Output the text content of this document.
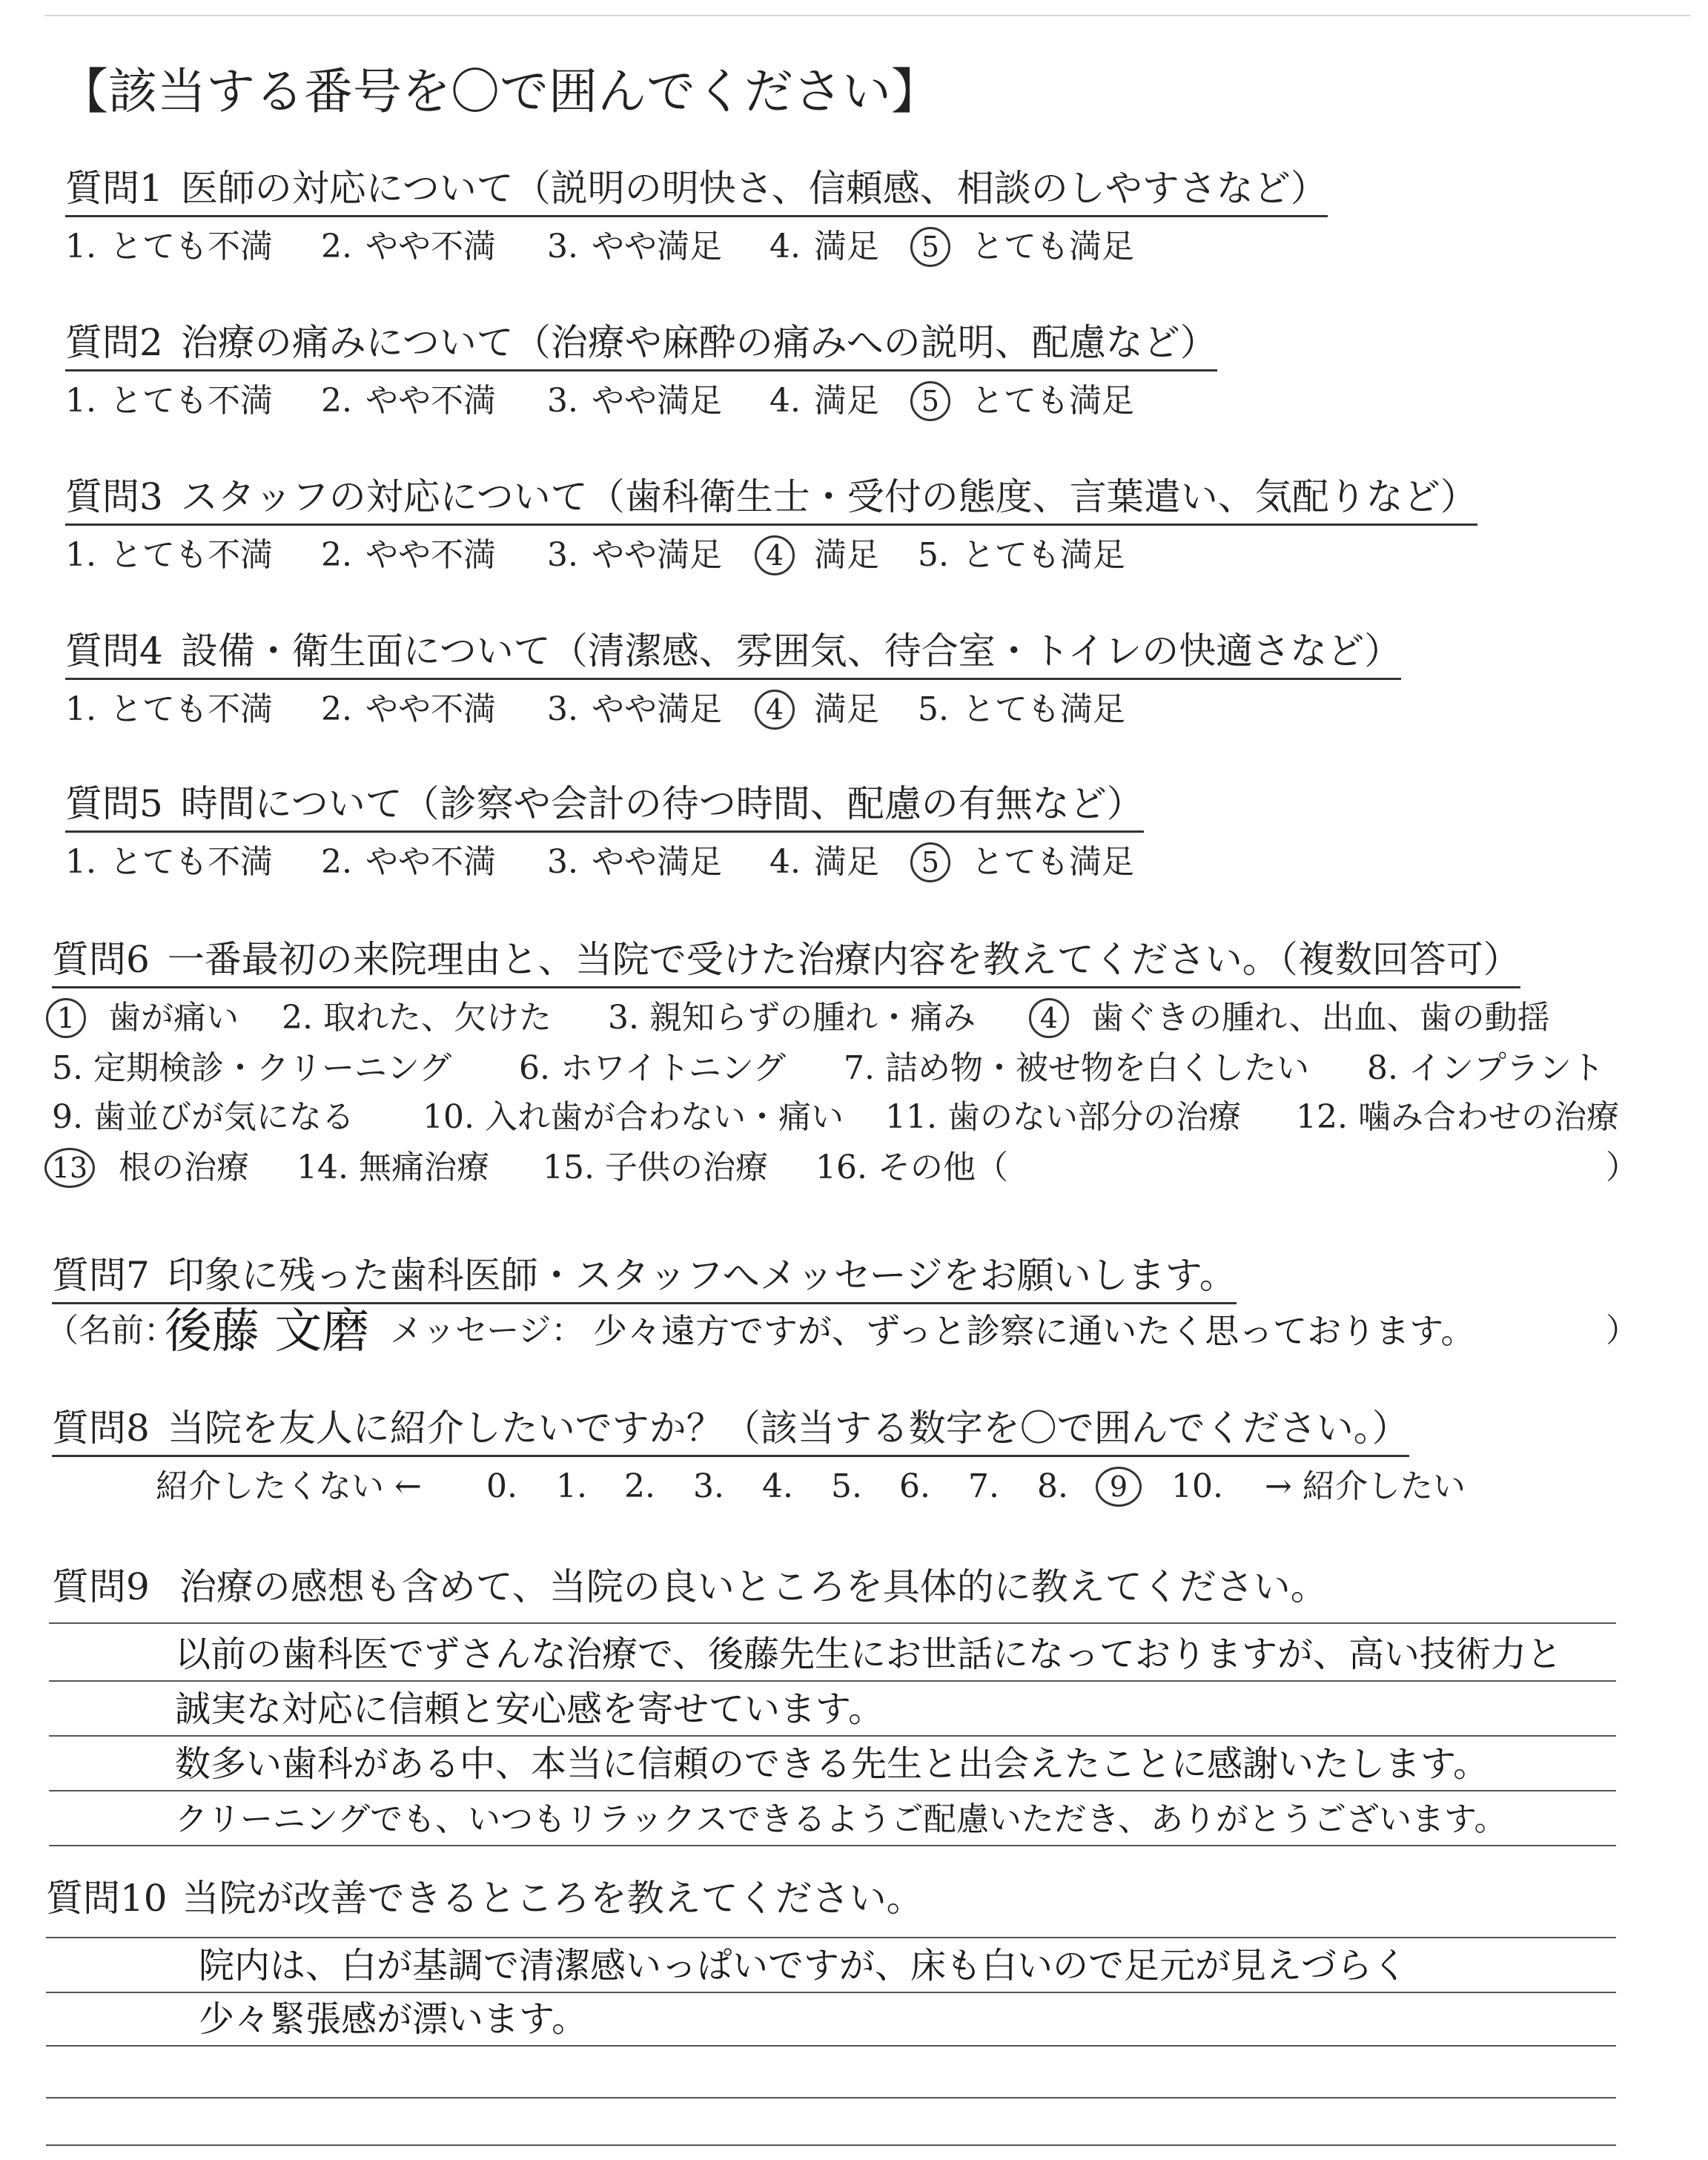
【該当する番号を〇で囲んでください】
質問1 医師の対応について（説明の明快さ、信頼感、相談のしやすさなど）
1. とても不満 2. やや不満 3. やや満足 4. 満足	5 とても満足
質問2 治療の痛みについて（治療や麻酔の痛みへの説明、配慮など）
1. とても不満 2. やや不満 3. やや満足 4. 満足	5 とても満足
質問3 スタッフの対応について（歯科衛生士・受付の態度、言葉遣い、気配りなど）
1. とても不満 2. やや不満 3. やや満足	4 満足 5. とても満足
質問4 設備・衛生面について（清潔感、雰囲気、待合室・トイレの快適さなど）
1. とても不満 2. やや不満 3. やや満足	4 満足 5. とても満足
質問5 時間について（診察や会計の待つ時間、配慮の有無など）
1. とても不満 2. やや不満 3. やや満足 4. 満足	5 とても満足
質問6 一番最初の来院理由と、当院で受けた治療内容を教えてください。（複数回答可）
1	歯が痛い 2. 取れた、欠けた 3. 親知らずの腫れ・痛み	4	歯ぐきの腫れ、出血、歯の動揺
5. 定期検診・クリーニング 6. ホワイトニング 7. 詰め物・被せ物を白くしたい 8. インプラント
9. 歯並びが気になる 10. 入れ歯が合わない・痛い 11. 歯のない部分の治療 12. 噛み合わせの治療
13 根の治療 14. 無痛治療 15. 子供の治療 16. その他（	）
質問7 印象に残った歯科医師・スタッフへメッセージをお願いします。
（名前：
後藤 文磨 メッセージ： 少々遠方ですが、ずっと診察に通いたく思っております。	）
質問8 当院を友人に紹介したいですか？（該当する数字を〇で囲んでください。）
紹介したくない ← 0. 1. 2. 3. 4. 5. 6. 7. 8.	9	10. → 紹介したい
質問9 治療の感想も含めて、当院の良いところを具体的に教えてください。
以前の歯科医でずさんな治療で、後藤先生にお世話になっておりますが、高い技術力と
誠実な対応に信頼と安心感を寄せています。
数多い歯科がある中、本当に信頼のできる先生と出会えたことに感謝いたします。
クリーニングでも、いつもリラックスできるようご配慮いただき、ありがとうございます。
質問10 当院が改善できるところを教えてください。
院内は、白が基調で清潔感いっぱいですが、床も白いので足元が見えづらく
少々緊張感が漂います。
